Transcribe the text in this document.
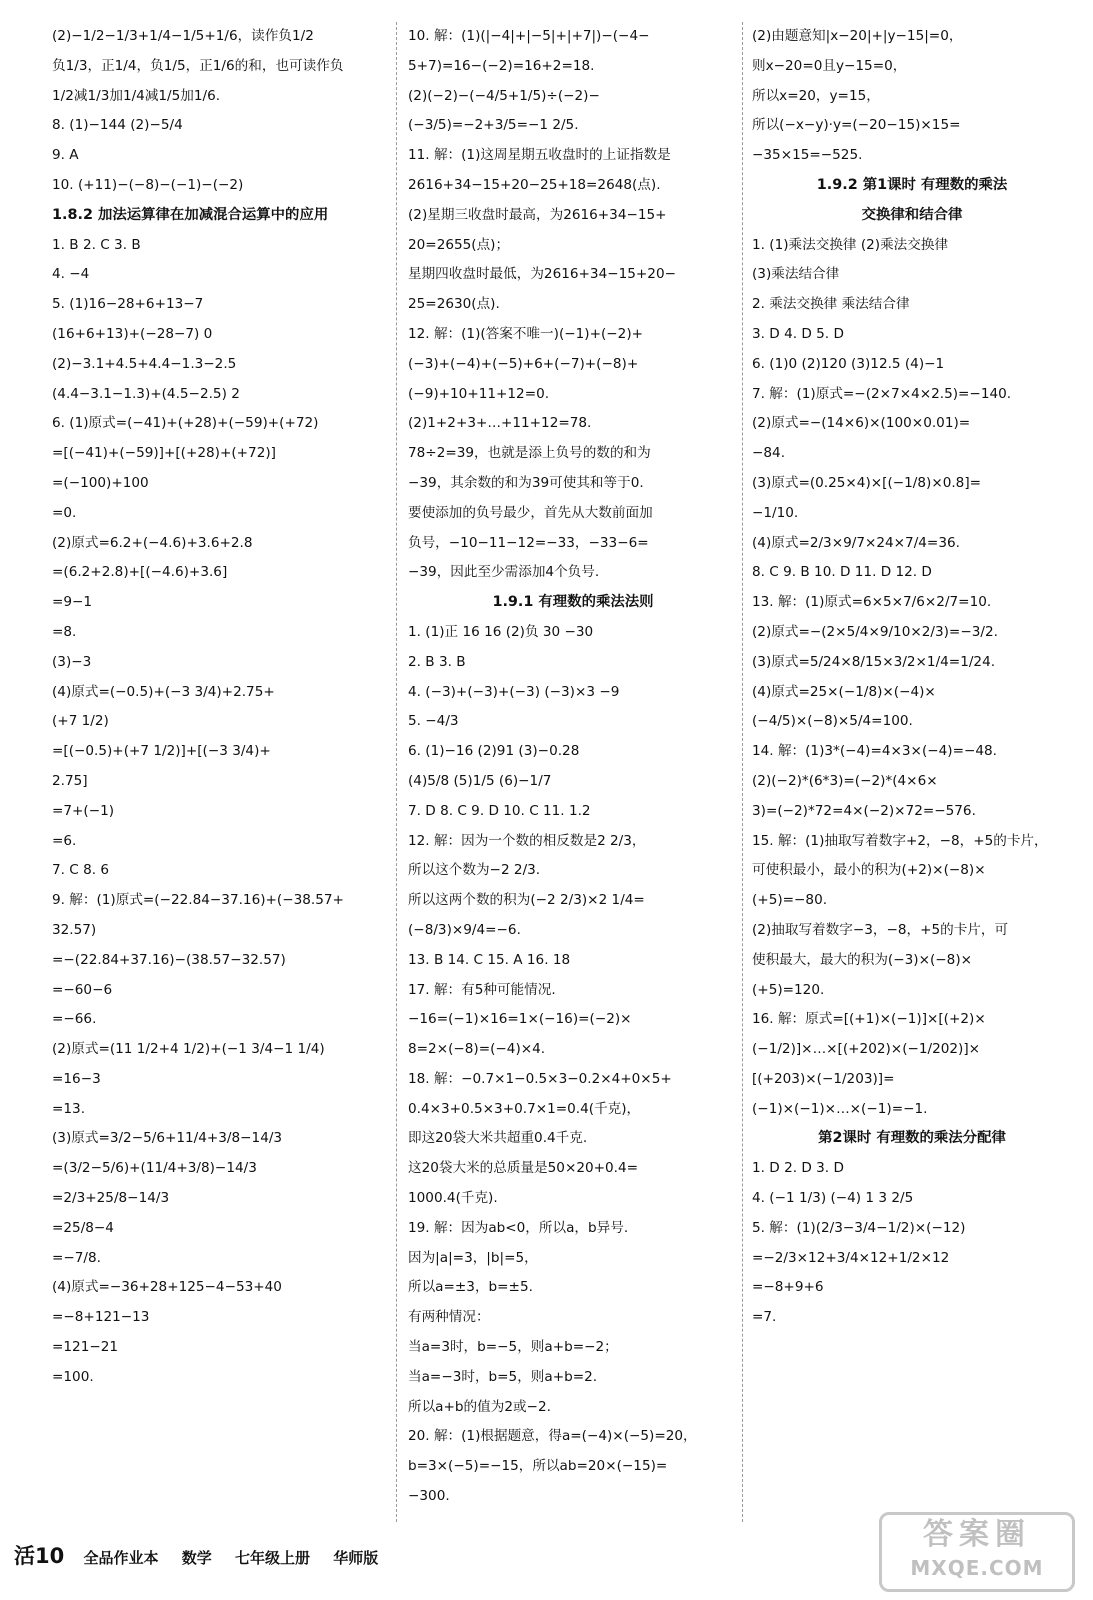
(2)−1/2−1/3+1/4−1/5+1/6，读作负1/2
负1/3，正1/4，负1/5，正1/6的和，也可读作负
1/2减1/3加1/4减1/5加1/6.
8. (1)−144 (2)−5/4
9. A
10. (+11)−(−8)−(−1)−(−2)
1.8.2 加法运算律在加减混合运算中的应用
1. B 2. C 3. B
4. −4
5. (1)16−28+6+13−7
(16+6+13)+(−28−7) 0
(2)−3.1+4.5+4.4−1.3−2.5
(4.4−3.1−1.3)+(4.5−2.5) 2
6. (1)原式=(−41)+(+28)+(−59)+(+72)
=[(−41)+(−59)]+[(+28)+(+72)]
=(−100)+100
=0.
(2)原式=6.2+(−4.6)+3.6+2.8
=(6.2+2.8)+[(−4.6)+3.6]
=9−1
=8.
(3)−3
(4)原式=(−0.5)+(−3 3/4)+2.75+
(+7 1/2)
=[(−0.5)+(+7 1/2)]+[(−3 3/4)+
2.75]
=7+(−1)
=6.
7. C 8. 6
9. 解：(1)原式=(−22.84−37.16)+(−38.57+
32.57)
=−(22.84+37.16)−(38.57−32.57)
=−60−6
=−66.
(2)原式=(11 1/2+4 1/2)+(−1 3/4−1 1/4)
=16−3
=13.
(3)原式=3/2−5/6+11/4+3/8−14/3
=(3/2−5/6)+(11/4+3/8)−14/3
=2/3+25/8−14/3
=25/8−4
=−7/8.
(4)原式=−36+28+125−4−53+40
=−8+121−13
=121−21
=100.
10. 解：(1)(|−4|+|−5|+|+7|)−(−4−
5+7)=16−(−2)=16+2=18.
(2)(−2)−(−4/5+1/5)÷(−2)−
(−3/5)=−2+3/5=−1 2/5.
11. 解：(1)这周星期五收盘时的上证指数是
2616+34−15+20−25+18=2648(点).
(2)星期三收盘时最高，为2616+34−15+
20=2655(点)；
星期四收盘时最低，为2616+34−15+20−
25=2630(点).
12. 解：(1)(答案不唯一)(−1)+(−2)+
(−3)+(−4)+(−5)+6+(−7)+(−8)+
(−9)+10+11+12=0.
(2)1+2+3+…+11+12=78.
78÷2=39，也就是添上负号的数的和为
−39，其余数的和为39可使其和等于0.
要使添加的负号最少，首先从大数前面加
负号，−10−11−12=−33，−33−6=
−39，因此至少需添加4个负号.
1.9.1 有理数的乘法法则
1. (1)正 16 16 (2)负 30 −30
2. B 3. B
4. (−3)+(−3)+(−3) (−3)×3 −9
5. −4/3
6. (1)−16 (2)91 (3)−0.28
(4)5/8 (5)1/5 (6)−1/7
7. D 8. C 9. D 10. C 11. 1.2
12. 解：因为一个数的相反数是2 2/3，
所以这个数为−2 2/3.
所以这两个数的积为(−2 2/3)×2 1/4=
(−8/3)×9/4=−6.
13. B 14. C 15. A 16. 18
17. 解：有5种可能情况.
−16=(−1)×16=1×(−16)=(−2)×
8=2×(−8)=(−4)×4.
18. 解：−0.7×1−0.5×3−0.2×4+0×5+
0.4×3+0.5×3+0.7×1=0.4(千克)，
即这20袋大米共超重0.4千克.
这20袋大米的总质量是50×20+0.4=
1000.4(千克).
19. 解：因为ab<0，所以a，b异号.
因为|a|=3，|b|=5，
所以a=±3，b=±5.
有两种情况：
当a=3时，b=−5，则a+b=−2；
当a=−3时，b=5，则a+b=2.
所以a+b的值为2或−2.
20. 解：(1)根据题意，得a=(−4)×(−5)=20，
b=3×(−5)=−15，所以ab=20×(−15)=
−300.
(2)由题意知|x−20|+|y−15|=0，
则x−20=0且y−15=0，
所以x=20，y=15，
所以(−x−y)·y=(−20−15)×15=
−35×15=−525.
1.9.2 第1课时 有理数的乘法
交换律和结合律
1. (1)乘法交换律 (2)乘法交换律
(3)乘法结合律
2. 乘法交换律 乘法结合律
3. D 4. D 5. D
6. (1)0 (2)120 (3)12.5 (4)−1
7. 解：(1)原式=−(2×7×4×2.5)=−140.
(2)原式=−(14×6)×(100×0.01)=
−84.
(3)原式=(0.25×4)×[(−1/8)×0.8]=
−1/10.
(4)原式=2/3×9/7×24×7/4=36.
8. C 9. B 10. D 11. D 12. D
13. 解：(1)原式=6×5×7/6×2/7=10.
(2)原式=−(2×5/4×9/10×2/3)=−3/2.
(3)原式=5/24×8/15×3/2×1/4=1/24.
(4)原式=25×(−1/8)×(−4)×
(−4/5)×(−8)×5/4=100.
14. 解：(1)3*(−4)=4×3×(−4)=−48.
(2)(−2)*(6*3)=(−2)*(4×6×
3)=(−2)*72=4×(−2)×72=−576.
15. 解：(1)抽取写着数字+2，−8，+5的卡片，
可使积最小，最小的积为(+2)×(−8)×
(+5)=−80.
(2)抽取写着数字−3，−8，+5的卡片，可
使积最大，最大的积为(−3)×(−8)×
(+5)=120.
16. 解：原式=[(+1)×(−1)]×[(+2)×
(−1/2)]×…×[(+202)×(−1/202)]×
[(+203)×(−1/203)]=
(−1)×(−1)×…×(−1)=−1.
第2课时 有理数的乘法分配律
1. D 2. D 3. D
4. (−1 1/3) (−4) 1 3 2/5
5. 解：(1)(2/3−3/4−1/2)×(−12)
=−2/3×12+3/4×12+1/2×12
=−8+9+6
=7.
活10 全品作业本 数学 七年级上册 华师版
答案圈
MXQE.COM
